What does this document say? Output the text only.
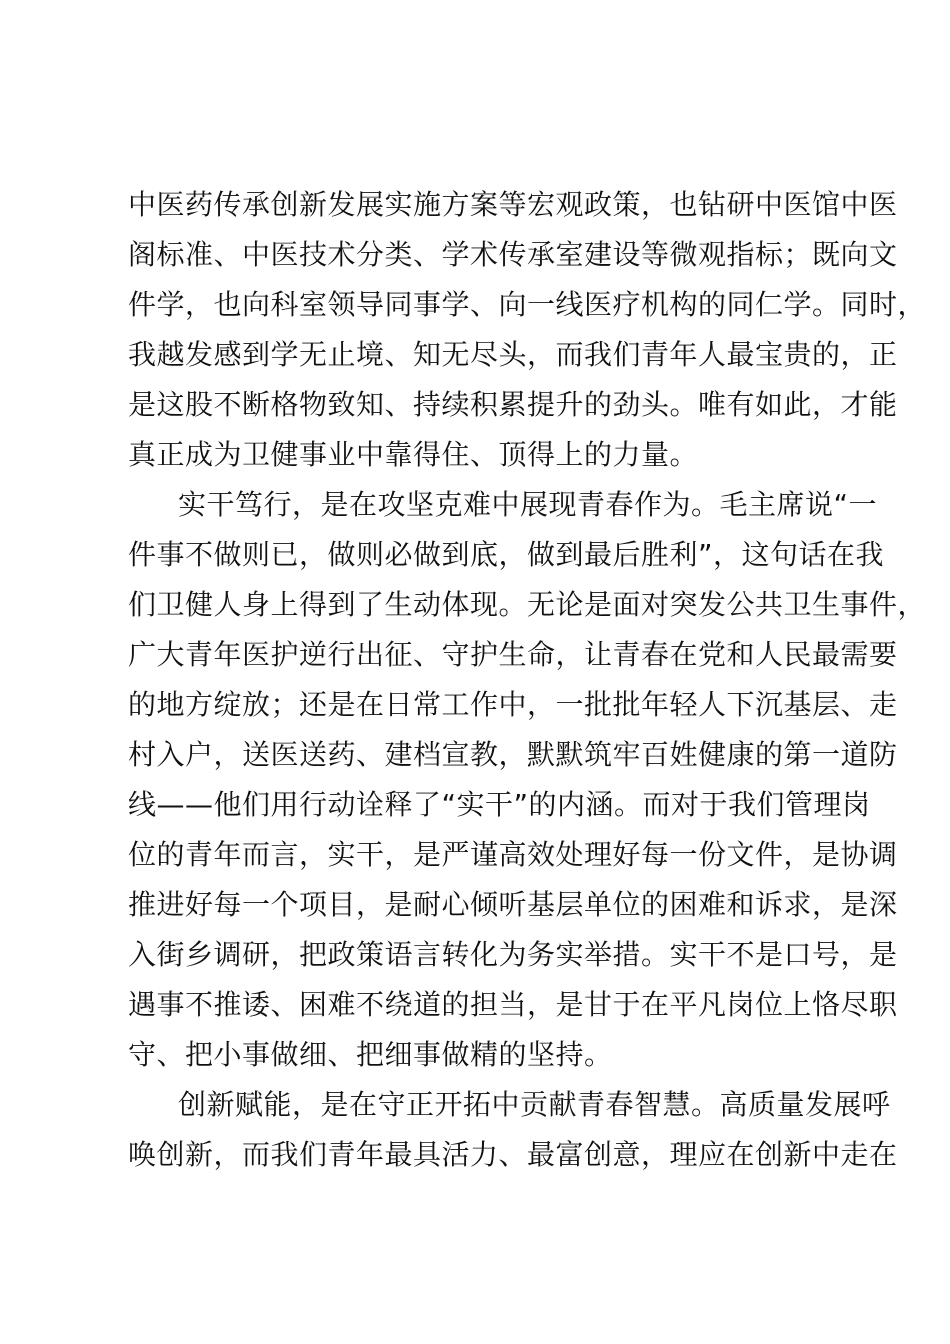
中医药传承创新发展实施方案等宏观政策，也钻研中医馆中医
阁标准、中医技术分类、学术传承室建设等微观指标；既向文
件学，也向科室领导同事学、向一线医疗机构的同仁学。同时，
我越发感到学无止境、知无尽头，而我们青年人最宝贵的，正
是这股不断格物致知、持续积累提升的劲头。唯有如此，才能
真正成为卫健事业中靠得住、顶得上的力量。
实干笃行，是在攻坚克难中展现青春作为。毛主席说“一
件事不做则已，做则必做到底，做到最后胜利”，这句话在我
们卫健人身上得到了生动体现。无论是面对突发公共卫生事件，
广大青年医护逆行出征、守护生命，让青春在党和人民最需要
的地方绽放；还是在日常工作中，一批批年轻人下沉基层、走
村入户，送医送药、建档宣教，默默筑牢百姓健康的第一道防
线——他们用行动诠释了“实干”的内涵。而对于我们管理岗
位的青年而言，实干，是严谨高效处理好每一份文件，是协调
推进好每一个项目，是耐心倾听基层单位的困难和诉求，是深
入街乡调研，把政策语言转化为务实举措。实干不是口号，是
遇事不推诿、困难不绕道的担当，是甘于在平凡岗位上恪尽职
守、把小事做细、把细事做精的坚持。
创新赋能，是在守正开拓中贡献青春智慧。高质量发展呼
唤创新，而我们青年最具活力、最富创意，理应在创新中走在
